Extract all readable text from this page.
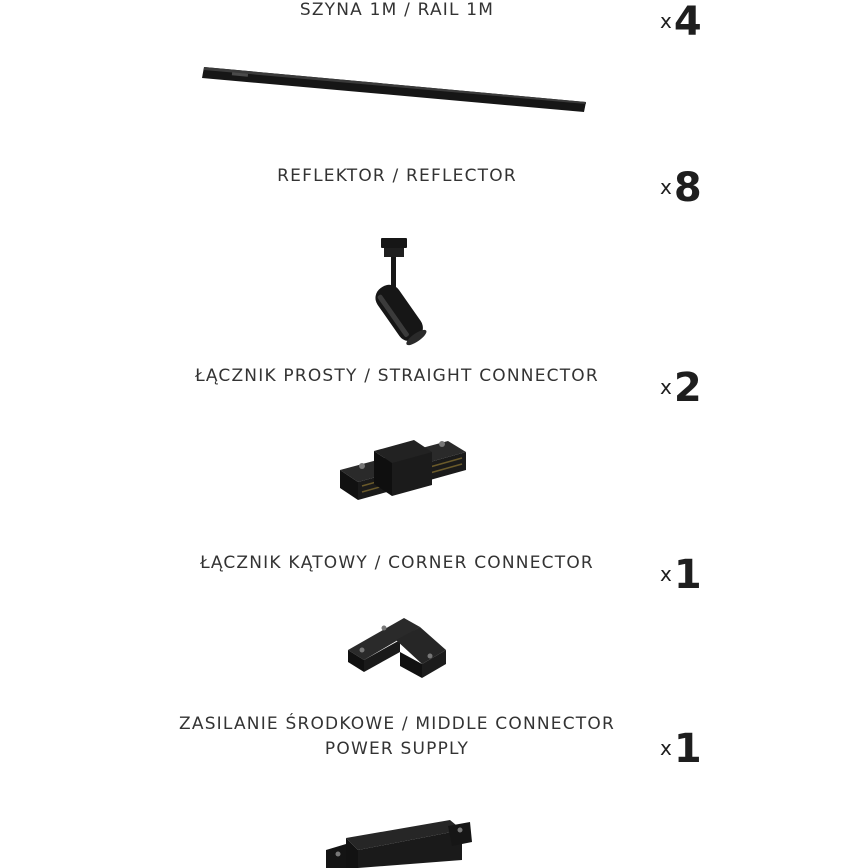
SZYNA 1M / RAIL 1M	x4
REFLEKTOR / REFLECTOR	x8
ŁĄCZNIK PROSTY / STRAIGHT CONNECTOR	x2
ŁĄCZNIK KĄTOWY / CORNER CONNECTOR	x1
ZASILANIE ŚRODKOWE / MIDDLE CONNECTOR
POWER SUPPLY	x1
